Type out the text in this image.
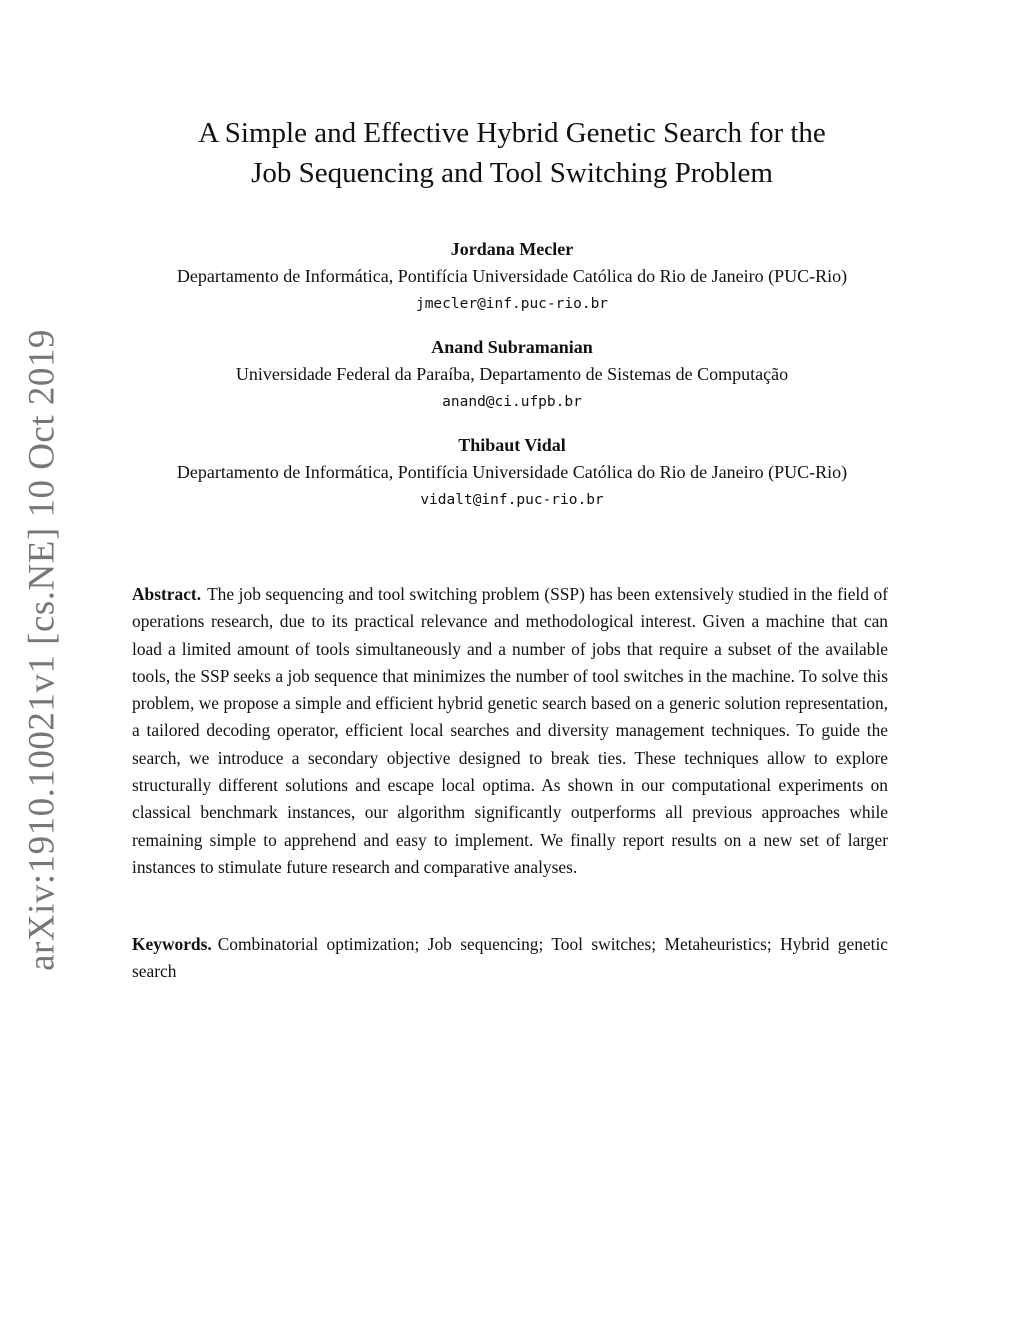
arXiv:1910.10021v1 [cs.NE] 10 Oct 2019
A Simple and Effective Hybrid Genetic Search for the
Job Sequencing and Tool Switching Problem
Jordana Mecler
Departamento de Informática, Pontifícia Universidade Católica do Rio de Janeiro (PUC-Rio)
jmecler@inf.puc-rio.br
Anand Subramanian
Universidade Federal da Paraíba, Departamento de Sistemas de Computação
anand@ci.ufpb.br
Thibaut Vidal
Departamento de Informática, Pontifícia Universidade Católica do Rio de Janeiro (PUC-Rio)
vidalt@inf.puc-rio.br

Abstract. The job sequencing and tool switching problem (SSP) has been extensively studied in the field of operations research, due to its practical relevance and methodological interest. Given a machine that can load a limited amount of tools simultaneously and a number of jobs that require a subset of the available tools, the SSP seeks a job sequence that minimizes the number of tool switches in the machine. To solve this problem, we propose a simple and efficient hybrid genetic search based on a generic solution representation, a tailored decoding operator, efficient local searches and diversity management techniques. To guide the search, we introduce a secondary objective designed to break ties. These techniques allow to explore structurally different solutions and escape local optima. As shown in our computational experiments on classical benchmark instances, our algorithm significantly outperforms all previous approaches while remaining simple to apprehend and easy to implement. We finally report results on a new set of larger instances to stimulate future research and comparative analyses.

Keywords. Combinatorial optimization; Job sequencing; Tool switches; Metaheuristics; Hybrid genetic search
